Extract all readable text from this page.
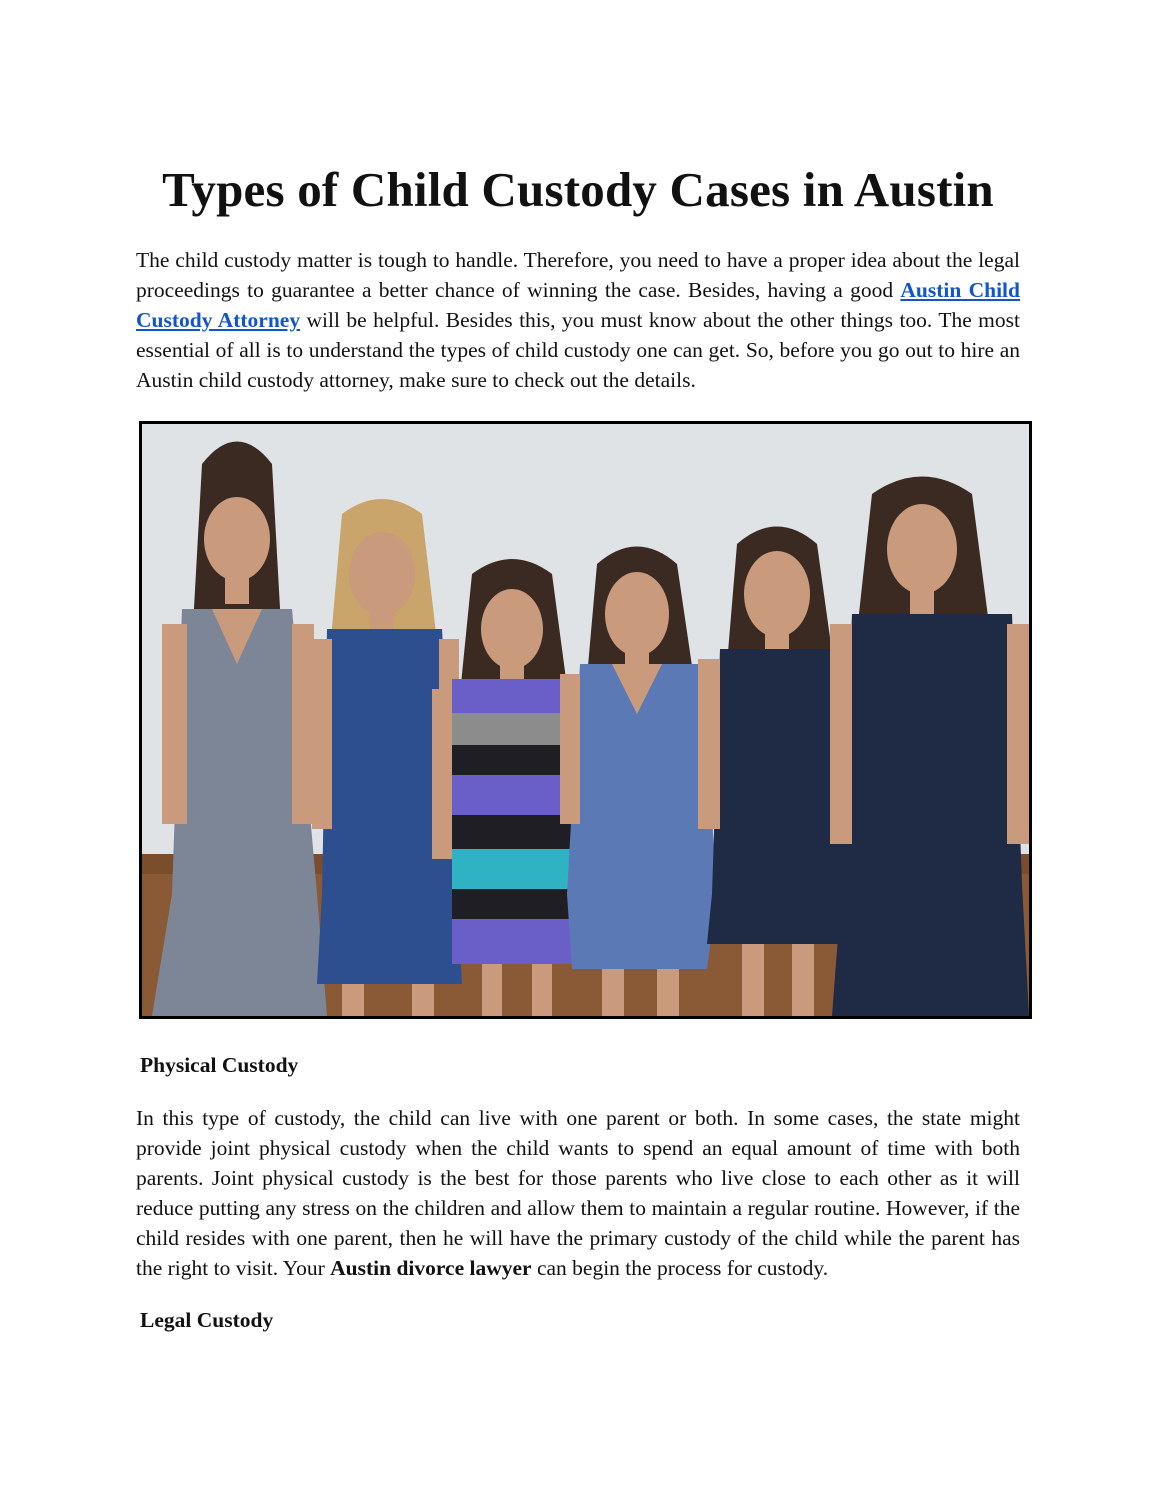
Types of Child Custody Cases in Austin

The child custody matter is tough to handle. Therefore, you need to have a proper idea about the legal proceedings to guarantee a better chance of winning the case. Besides, having a good Austin Child Custody Attorney will be helpful. Besides this, you must know about the other things too. The most essential of all is to understand the types of child custody one can get. So, before you go out to hire an Austin child custody attorney, make sure to check out the details.

Physical Custody

In this type of custody, the child can live with one parent or both. In some cases, the state might provide joint physical custody when the child wants to spend an equal amount of time with both parents. Joint physical custody is the best for those parents who live close to each other as it will reduce putting any stress on the children and allow them to maintain a regular routine. However, if the child resides with one parent, then he will have the primary custody of the child while the parent has the right to visit. Your Austin divorce lawyer can begin the process for custody.

Legal Custody
